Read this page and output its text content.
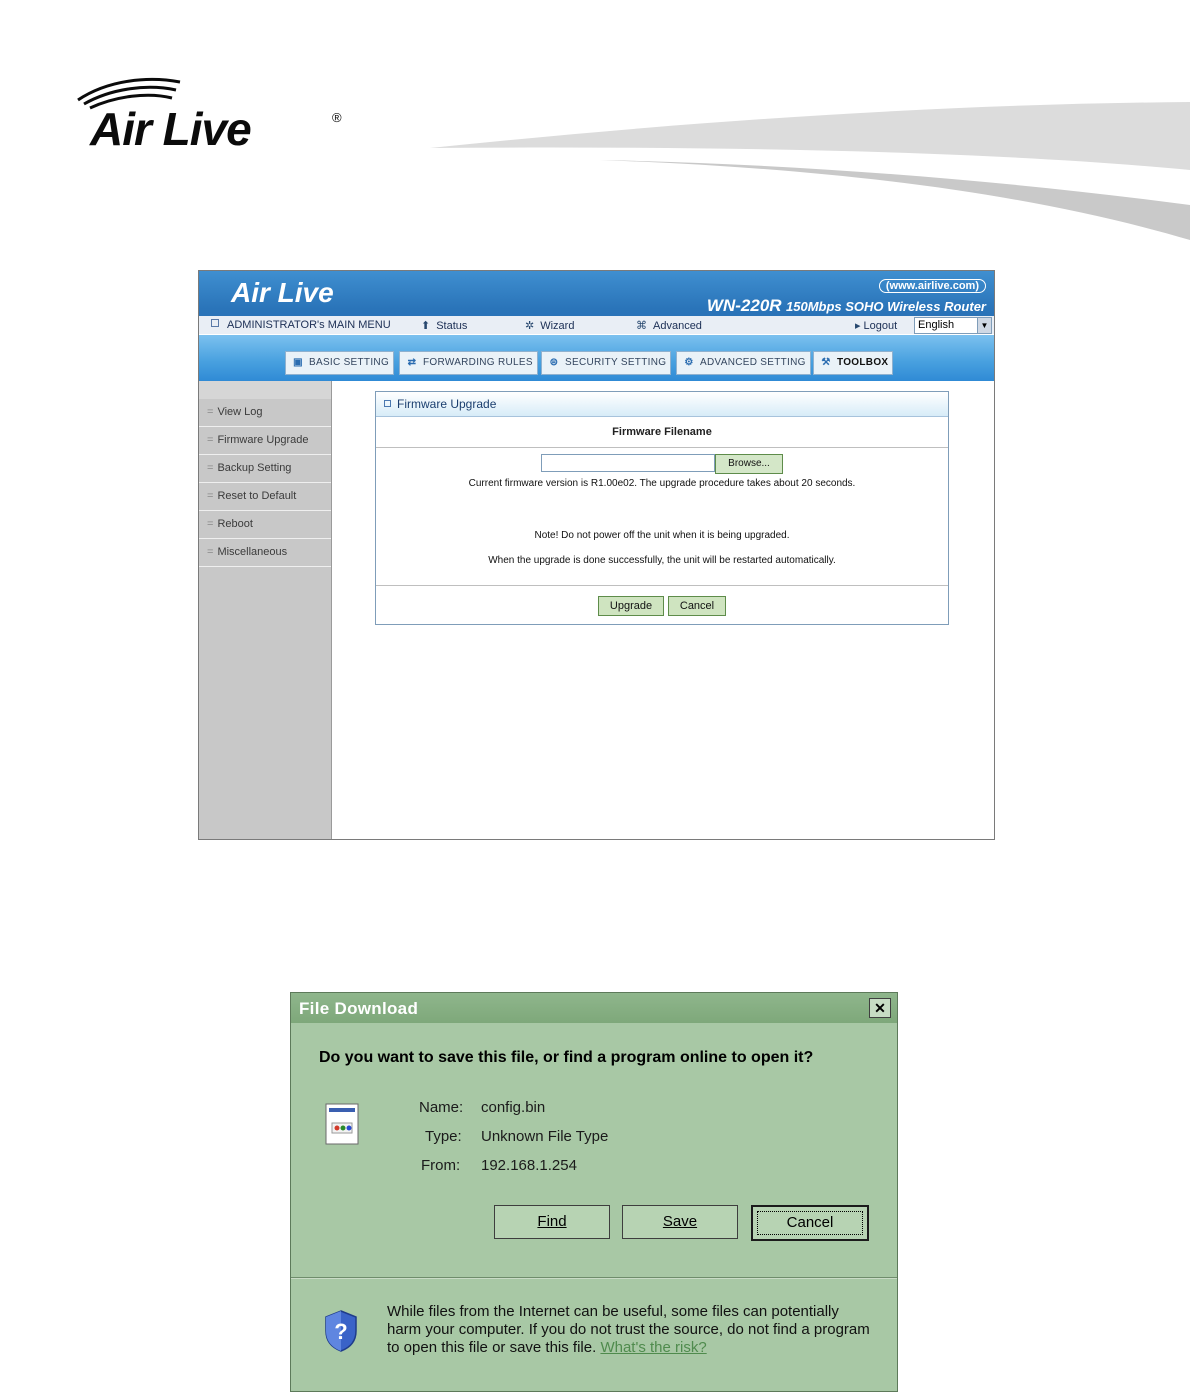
Air Live	®
Air Live	(www.airlive.com)
WN-220R 150Mbps SOHO Wireless Router
ADMINISTRATOR's MAIN MENU	⬆ Status	✲ Wizard	⌘ Advanced	▸ Logout English	▼
▣ BASIC SETTING	⇄ FORWARDING RULES	⊜ SECURITY SETTING	⚙ ADVANCED SETTING	⚒ TOOLBOX
= View Log
= Firmware Upgrade
= Backup Setting
= Reset to Default
= Reboot
= Miscellaneous
Firmware Upgrade
Firmware Filename
Browse...
Current firmware version is R1.00e02. The upgrade procedure takes about 20 seconds.
Note! Do not power off the unit when it is being upgraded.
When the upgrade is done successfully, the unit will be restarted automatically.
Upgrade	Cancel
File Download	✕
Do you want to save this file, or find a program online to open it?
Name: config.bin
Type: Unknown File Type
From: 192.168.1.254
Find	Save	Cancel
?
While files from the Internet can be useful, some files can potentially harm your computer. If you do not trust the source, do not find a program to open this file or save this file. What's the risk?
